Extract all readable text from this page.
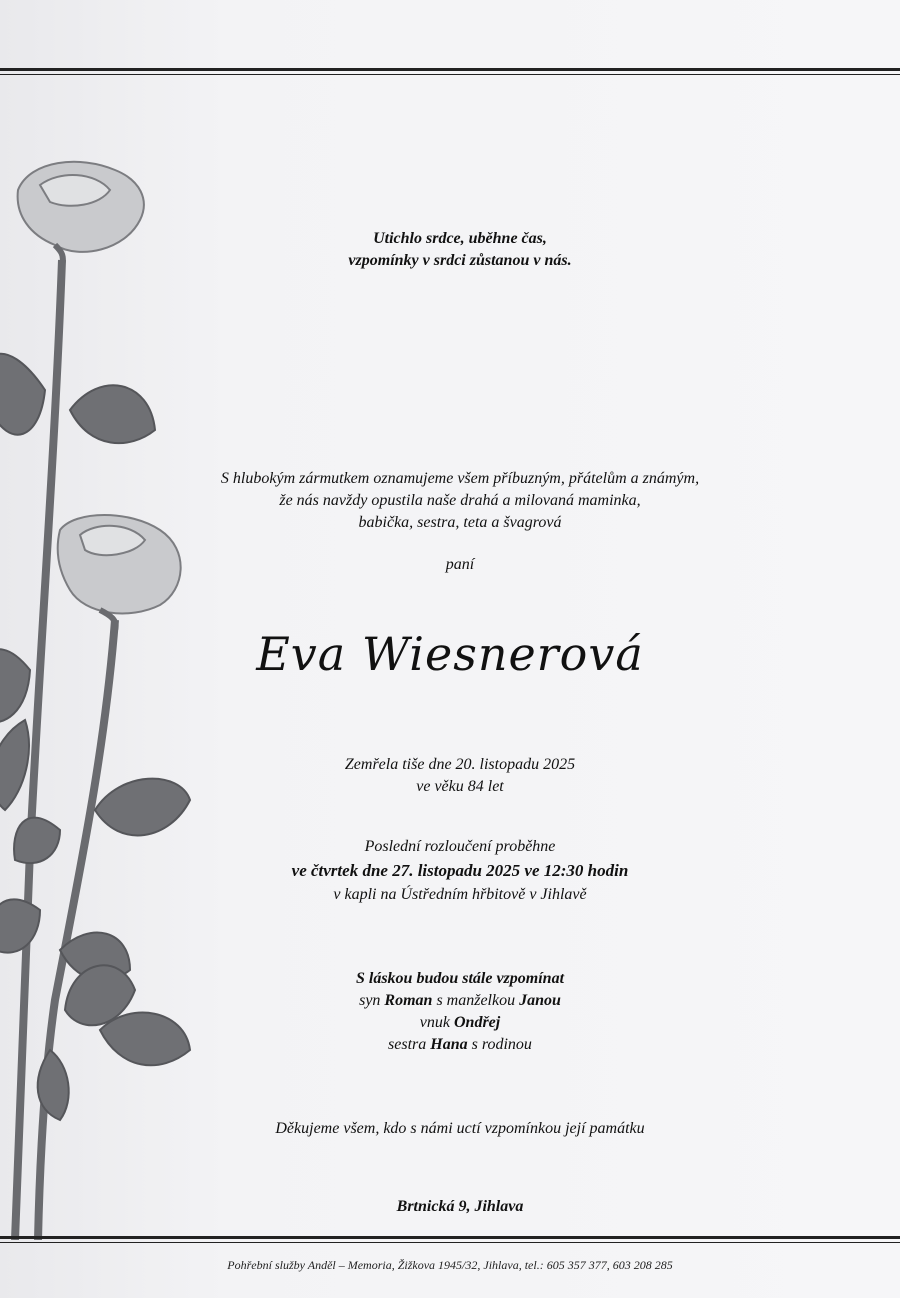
Utichlo srdce, uběhne čas,
vzpomínky v srdci zůstanou v nás.
S hlubokým zármutkem oznamujeme všem příbuzným, přátelům a známým,
že nás navždy opustila naše drahá a milovaná maminka,
babička, sestra, teta a švagrová
paní
Eva Wiesnerová
Zemřela tiše dne 20. listopadu 2025
ve věku 84 let
Poslední rozloučení proběhne
ve čtvrtek dne 27. listopadu 2025 ve 12:30 hodin
v kapli na Ústředním hřbitově v Jihlavě
S láskou budou stále vzpomínat
syn Roman s manželkou Janou
vnuk Ondřej
sestra Hana s rodinou
Děkujeme všem, kdo s námi uctí vzpomínkou její památku
Brtnická 9, Jihlava
Pohřební služby Anděl – Memoria, Žižkova 1945/32, Jihlava, tel.: 605 357 377, 603 208 285
